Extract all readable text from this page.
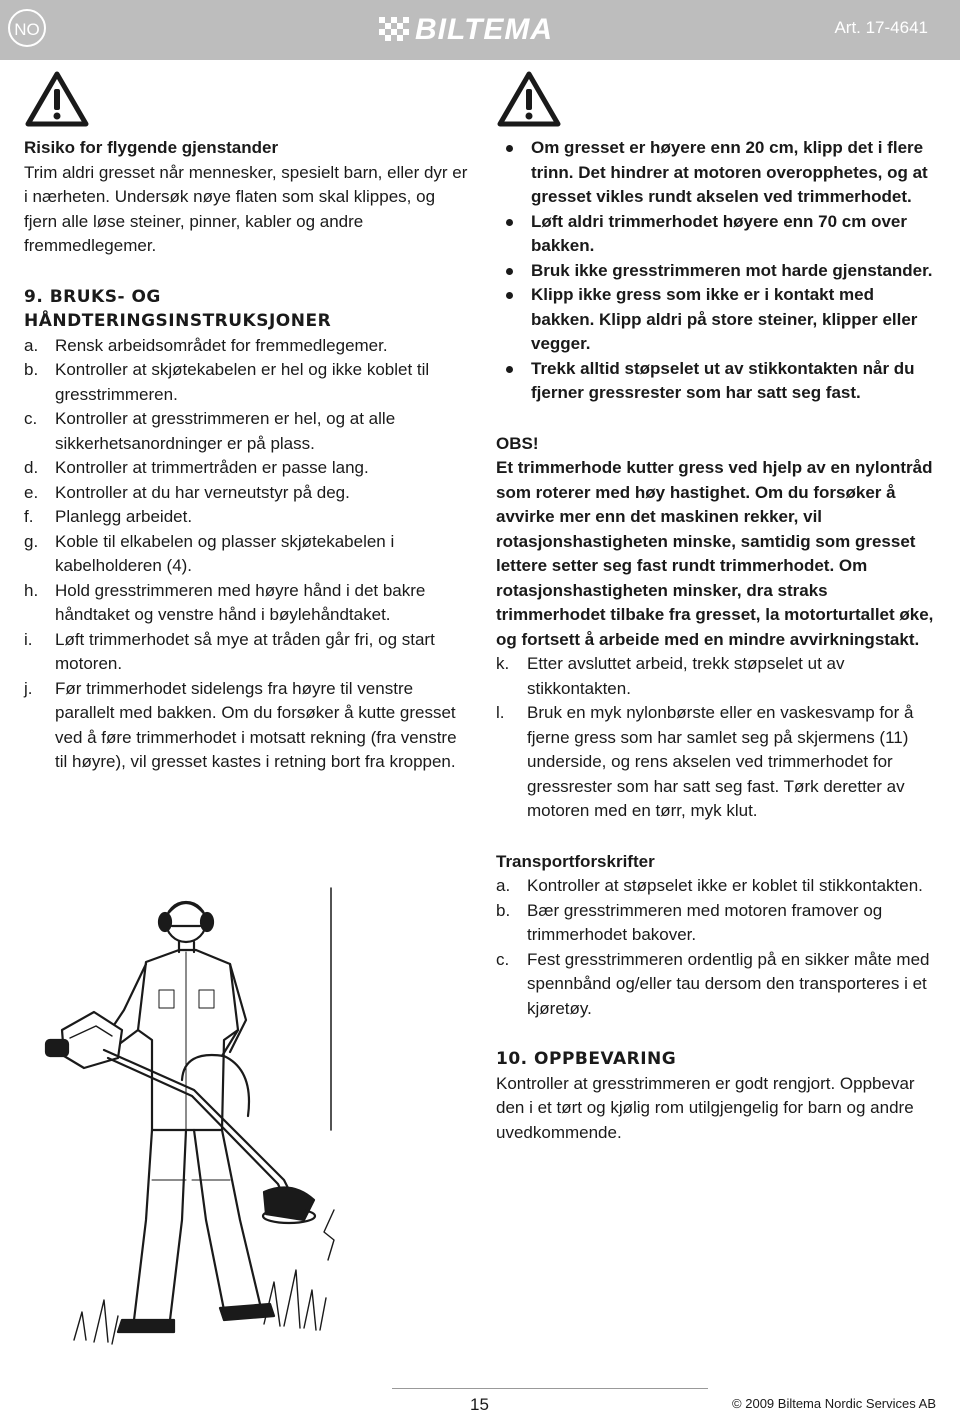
NO	BILTEMA	Art. 17-4641

Risiko for flygende gjenstander

Trim aldri gresset når mennesker, spesielt barn, eller dyr er i nærheten. Undersøk nøye flaten som skal klippes, og fjern alle løse steiner, pinner, kabler og andre fremmedlegemer.

9. BRUKS- OG HÅNDTERINGSINSTRUKSJONER

a. Rensk arbeidsområdet for fremmedlegemer.
b. Kontroller at skjøtekabelen er hel og ikke koblet til gresstrimmeren.
c. Kontroller at gresstrimmeren er hel, og at alle sikkerhetsanordninger er på plass.
d. Kontroller at trimmertråden er passe lang.
e. Kontroller at du har verneutstyr på deg.
f. Planlegg arbeidet.
g. Koble til elkabelen og plasser skjøtekabelen i kabelholderen (4).
h. Hold gresstrimmeren med høyre hånd i det bakre håndtaket og venstre hånd i bøylehåndtaket.
i. Løft trimmerhodet så mye at tråden går fri, og start motoren.
j. Før trimmerhodet sidelengs fra høyre til venstre parallelt med bakken. Om du forsøker å kutte gresset ved å føre trimmerhodet i motsatt rekning (fra venstre til høyre), vil gresset kastes i retning bort fra kroppen.
Om gresset er høyere enn 20 cm, klipp det i flere trinn. Det hindrer at motoren overopphetes, og at gresset vikles rundt akselen ved trimmerhodet.
Løft aldri trimmerhodet høyere enn 70 cm over bakken.
Bruk ikke gresstrimmeren mot harde gjenstander.
Klipp ikke gress som ikke er i kontakt med bakken. Klipp aldri på store steiner, klipper eller vegger.
Trekk alltid støpselet ut av stikkontakten når du fjerner gressrester som har satt seg fast.

OBS!

Et trimmerhode kutter gress ved hjelp av en nylontråd som roterer med høy hastighet. Om du forsøker å avvirke mer enn det maskinen rekker, vil rotasjonshastigheten minske, samtidig som gresset lettere setter seg fast rundt trimmerhodet. Om rotasjonshastigheten minsker, dra straks trimmerhodet tilbake fra gresset, la motorturtallet øke, og fortsett å arbeide med en mindre avvirkningstakt.

k. Etter avsluttet arbeid, trekk støpselet ut av stikkontakten.
l. Bruk en myk nylonbørste eller en vaskesvamp for å fjerne gress som har samlet seg på skjermens (11) underside, og rens akselen ved trimmerhodet for gressrester som har satt seg fast. Tørk deretter av motoren med en tørr, myk klut.

Transportforskrifter

a. Kontroller at støpselet ikke er koblet til stikkontakten.
b. Bær gresstrimmeren med motoren framover og trimmerhodet bakover.
c. Fest gresstrimmeren ordentlig på en sikker måte med spennbånd og/eller tau dersom den transporteres i et kjøretøy.

10. OPPBEVARING

Kontroller at gresstrimmeren er godt rengjort. Oppbevar den i et tørt og kjølig rom utilgjengelig for barn og andre uvedkommende.

15	© 2009 Biltema Nordic Services AB
